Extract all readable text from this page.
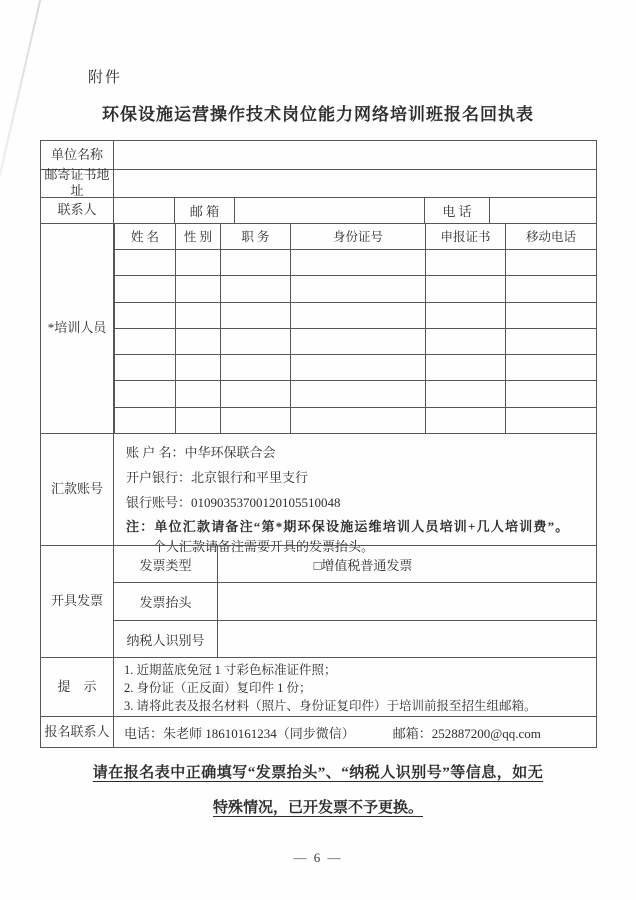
附件
环保设施运营操作技术岗位能力网络培训班报名回执表
单位名称
邮寄证书地址
联系人	邮 箱	电 话
*培训人员
姓 名	性 别	职 务	身份证号	申报证书	移动电话
汇款账号
账 户 名：中华环保联合会
开户银行：北京银行和平里支行
银行账号：01090353700120105510048
注：单位汇款请备注“第*期环保设施运维培训人员培训+几人培训费”。
个人汇款请备注需要开具的发票抬头。
开具发票
发票类型	□增值税普通发票
发票抬头
纳税人识别号
提　示
1. 近期蓝底免冠 1 寸彩色标准证件照；
2. 身份证（正反面）复印件 1 份；
3. 请将此表及报名材料（照片、身份证复印件）于培训前报至招生组邮箱。
报名联系人 电话：朱老师 18610161234（同步微信）	邮箱：252887200@qq.com
请在报名表中正确填写“发票抬头”、“纳税人识别号”等信息，如无
特殊情况，已开发票不予更换。
— 6 —
